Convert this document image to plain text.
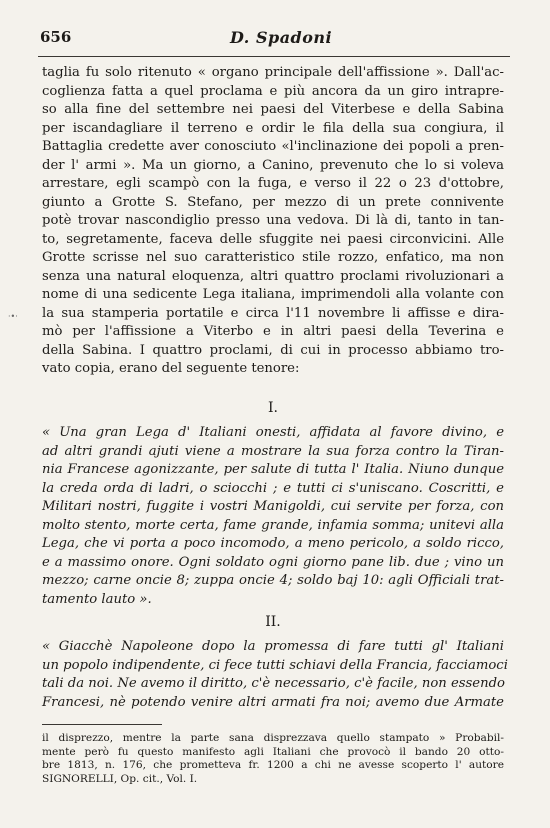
656	D. Spadoni
·•·
taglia fu solo ritenuto « organo principale dell'affissione ». Dall'ac-
coglienza fatta a quel proclama e più ancora da un giro intrapre-
so alla fine del settembre nei paesi del Viterbese e della Sabina
per iscandagliare il terreno e ordir le fila della sua congiura, il
Battaglia credette aver conosciuto «l'inclinazione dei popoli a pren-
der l' armi ». Ma un giorno, a Canino, prevenuto che lo si voleva
arrestare, egli scampò con la fuga, e verso il 22 o 23 d'ottobre,
giunto a Grotte S. Stefano, per mezzo di un prete connivente
potè trovar nascondiglio presso una vedova. Di là di, tanto in tan-
to, segretamente, faceva delle sfuggite nei paesi circonvicini. Alle
Grotte scrisse nel suo caratteristico stile rozzo, enfatico, ma non
senza una natural eloquenza, altri quattro proclami rivoluzionari a
nome di una sedicente Lega italiana, imprimendoli alla volante con
la sua stamperia portatile e circa l'11 novembre li affisse e dira-
mò per l'affissione a Viterbo e in altri paesi della Teverina e
della Sabina. I quattro proclami, di cui in processo abbiamo tro-
vato copia, erano del seguente tenore:
I.
« Una gran Lega d' Italiani onesti, affidata al favore divino, e
ad altri grandi ajuti viene a mostrare la sua forza contro la Tiran-
nia Francese agonizzante, per salute di tutta l' Italia. Niuno dunque
la creda orda di ladri, o sciocchi ; e tutti ci s'uniscano. Coscritti, e
Militari nostri, fuggite i vostri Manigoldi, cui servite per forza, con
molto stento, morte certa, fame grande, infamia somma; unitevi alla
Lega, che vi porta a poco incomodo, a meno pericolo, a soldo ricco,
e a massimo onore. Ogni soldato ogni giorno pane lib. due ; vino un
mezzo; carne oncie 8; zuppa oncie 4; soldo baj 10: agli Officiali trat-
tamento lauto ».
II.
« Giacchè Napoleone dopo la promessa di fare tutti gl' Italiani
un popolo indipendente, ci fece tutti schiavi della Francia, facciamoci
tali da noi. Ne avemo il diritto, c'è necessario, c'è facile, non essendo
Francesi, nè potendo venire altri armati fra noi; avemo due Armate
il disprezzo, mentre la parte sana disprezzava quello stampato » Probabil-
mente però fu questo manifesto agli Italiani che provocò il bando 20 otto-
bre 1813, n. 176, che prometteva fr. 1200 a chi ne avesse scoperto l' autore
SIGNORELLI, Op. cit., Vol. I.
